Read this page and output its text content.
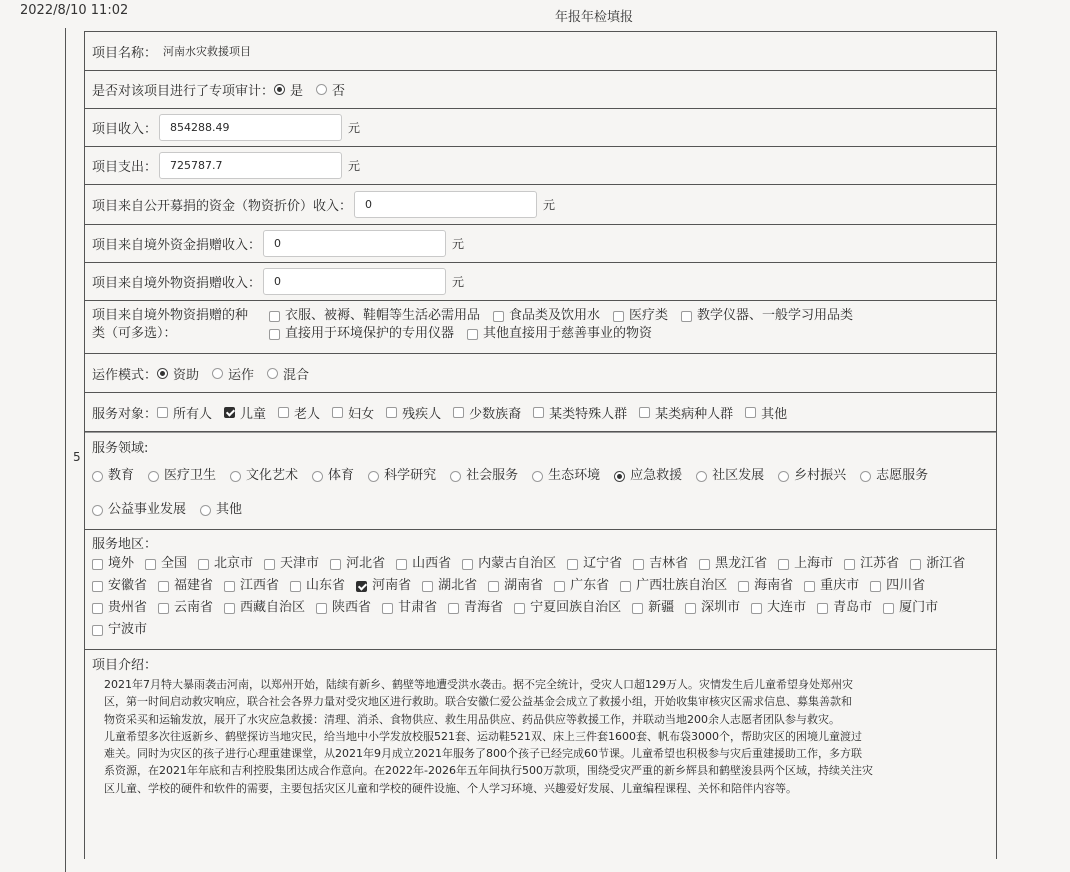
2022/8/10 11:02	年报年检填报
5
项目名称： 河南水灾救援项目
是否对该项目进行了专项审计： 是 否
项目收入：	854288.49	元
项目支出：	725787.7	元
项目来自公开募捐的资金（物资折价）收入：	0	元
项目来自境外资金捐赠收入：	0	元
项目来自境外物资捐赠收入：	0	元
项目来自境外物资捐赠的种
类（可多选）：
衣服、被褥、鞋帽等生活必需用品 食品类及饮用水 医疗类 教学仪器、一般学习用品类
直接用于环境保护的专用仪器 其他直接用于慈善事业的物资
运作模式： 资助 运作 混合
服务对象： 所有人 儿童 老人 妇女 残疾人 少数族裔 某类特殊人群 某类病种人群 其他
服务领域:
教育 医疗卫生 文化艺术 体育 科学研究 社会服务 生态环境 应急救援 社区发展 乡村振兴 志愿服务
公益事业发展 其他
服务地区：
境外 全国 北京市 天津市 河北省 山西省 内蒙古自治区 辽宁省 吉林省 黑龙江省 上海市 江苏省 浙江省
安徽省 福建省 江西省 山东省 河南省 湖北省 湖南省 广东省 广西壮族自治区 海南省 重庆市 四川省
贵州省 云南省 西藏自治区 陕西省 甘肃省 青海省 宁夏回族自治区 新疆 深圳市 大连市 青岛市 厦门市
宁波市
项目介绍：
2021年7月特大暴雨袭击河南，以郑州开始，陆续有新乡、鹤壁等地遭受洪水袭击。据不完全统计，受灾人口超129万人。灾情发生后儿童希望身处郑州灾
区，第一时间启动救灾响应，联合社会各界力量对受灾地区进行救助。联合安徽仁爱公益基金会成立了救援小组，开始收集审核灾区需求信息、募集善款和
物资采买和运输发放，展开了水灾应急救援：清理、消杀、食物供应、救生用品供应、药品供应等救援工作，并联动当地200余人志愿者团队参与救灾。
儿童希望多次往返新乡、鹤壁探访当地灾民，给当地中小学发放校服521套、运动鞋521双、床上三件套1600套、帆布袋3000个，帮助灾区的困境儿童渡过
难关。同时为灾区的孩子进行心理重建课堂，从2021年9月成立2021年服务了800个孩子已经完成60节课。儿童希望也积极参与灾后重建援助工作，多方联
系资源，在2021年年底和吉利控股集团达成合作意向。在2022年-2026年五年间执行500万款项，围绕受灾严重的新乡辉县和鹤壁浚县两个区域，持续关注灾
区儿童、学校的硬件和软件的需要，主要包括灾区儿童和学校的硬件设施、个人学习环境、兴趣爱好发展、儿童编程课程、关怀和陪伴内容等。
